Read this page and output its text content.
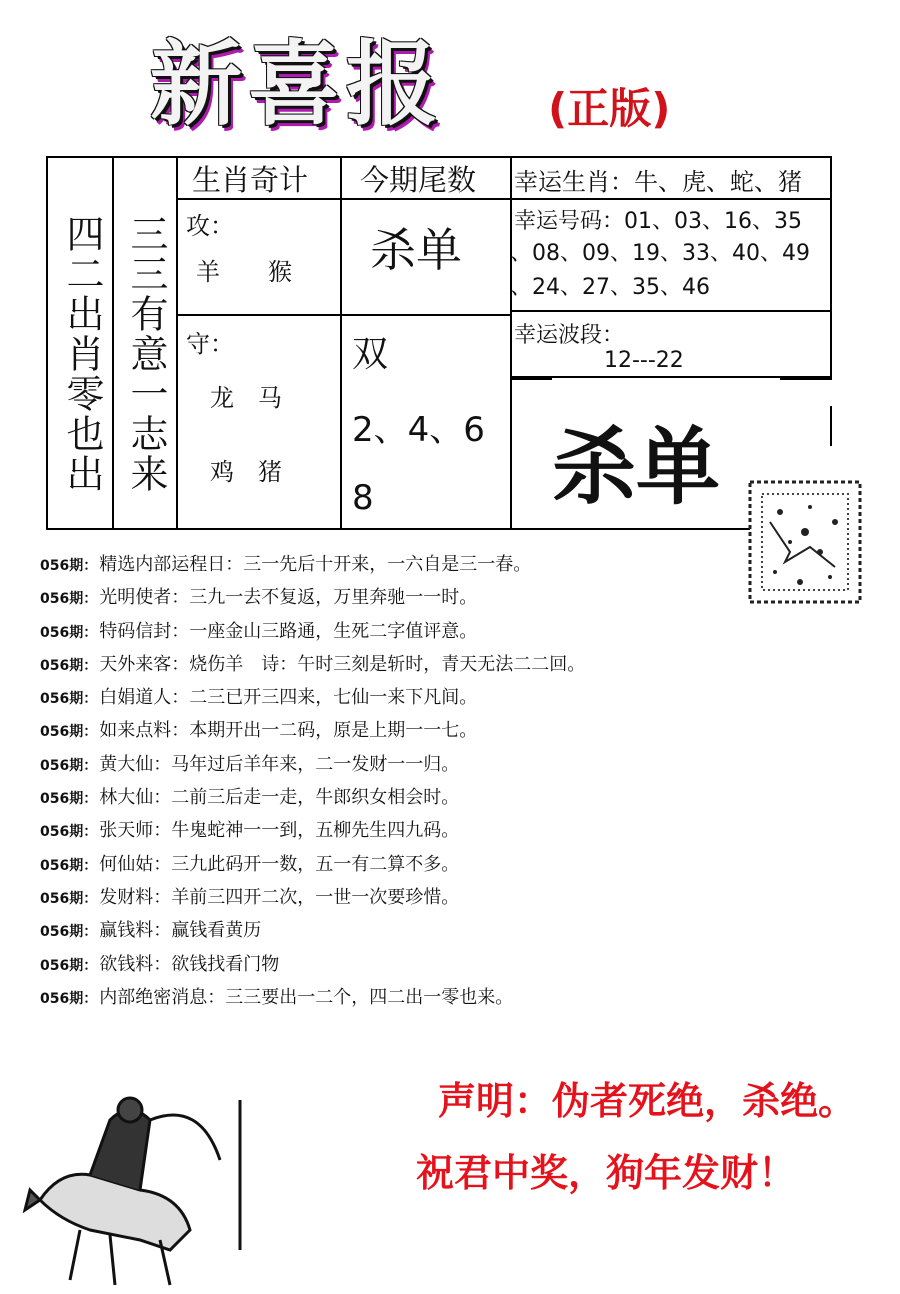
新喜报	(正版)
四二出肖零也出 三三有意一志来
生肖奇计 今期尾数 幸运生肖：牛、虎、蛇、猪
攻：
羊　　猴 杀单
守：
龙　马
鸡　猪
双
2、4、6
8
幸运号码：01、03、16、35
、08、09、19、33、40、49
、24、27、35、46
幸运波段：
12---22
杀单
056期： 精选内部运程日：三一先后十开来，一六自是三一春。
056期： 光明使者：三九一去不复返，万里奔驰一一时。
056期： 特码信封：一座金山三路通，生死二字值评意。
056期： 天外来客：烧伤羊　诗：午时三刻是斩时，青天无法二二回。
056期： 白娟道人：二三已开三四来，七仙一来下凡间。
056期： 如来点料：本期开出一二码，原是上期一一七。
056期： 黄大仙：马年过后羊年来，二一发财一一归。
056期： 林大仙：二前三后走一走，牛郎织女相会时。
056期： 张天师：牛鬼蛇神一一到，五柳先生四九码。
056期： 何仙姑：三九此码开一数，五一有二算不多。
056期： 发财料：羊前三四开二次，一世一次要珍惜。
056期： 赢钱料：赢钱看黄历
056期： 欲钱料：欲钱找看门物
056期： 内部绝密消息：三三要出一二个，四二出一零也来。
声明：伪者死绝，杀绝。
祝君中奖，狗年发财！
